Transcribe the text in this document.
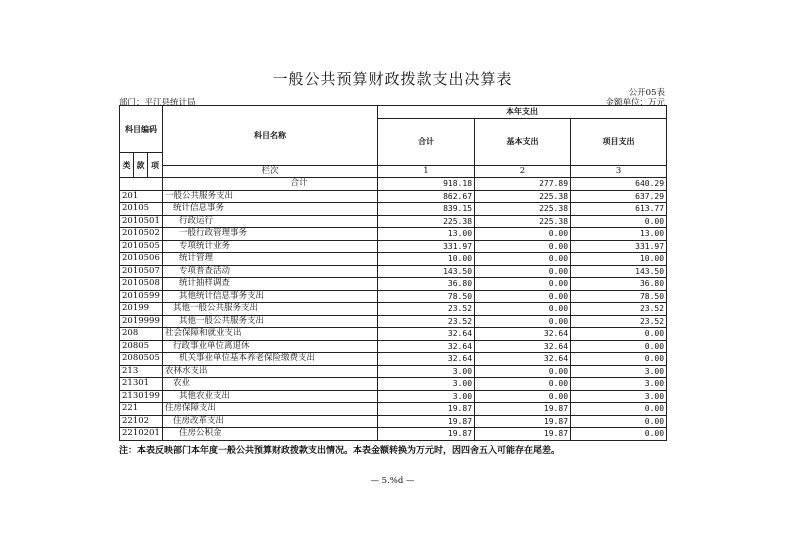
一般公共预算财政拨款支出决算表
公开05表
部门：平江县统计局	金额单位：万元
科目编码			科目名称	本年支出		
				合计	基本支出	项目支出
类	款	项				
			栏次	1	2	3
			合计	918.18	277.89	640.29
201			一般公共服务支出	862.67	225.38	637.29
20105			统计信息事务	839.15	225.38	613.77
2010501			行政运行	225.38	225.38	0.00
2010502			一般行政管理事务	13.00	0.00	13.00
2010505			专项统计业务	331.97	0.00	331.97
2010506			统计管理	10.00	0.00	10.00
2010507			专项普查活动	143.50	0.00	143.50
2010508			统计抽样调查	36.80	0.00	36.80
2010599			其他统计信息事务支出	78.50	0.00	78.50
20199			其他一般公共服务支出	23.52	0.00	23.52
2019999			其他一般公共服务支出	23.52	0.00	23.52
208			社会保障和就业支出	32.64	32.64	0.00
20805			行政事业单位离退休	32.64	32.64	0.00
2080505			机关事业单位基本养老保险缴费支出	32.64	32.64	0.00
213			农林水支出	3.00	0.00	3.00
21301			农业	3.00	0.00	3.00
2130199			其他农业支出	3.00	0.00	3.00
221			住房保障支出	19.87	19.87	0.00
22102			住房改革支出	19.87	19.87	0.00
2210201			住房公积金	19.87	19.87	0.00
注：本表反映部门本年度一般公共预算财政拨款支出情况。本表金额转换为万元时，因四舍五入可能存在尾差。
— 5.%d —
